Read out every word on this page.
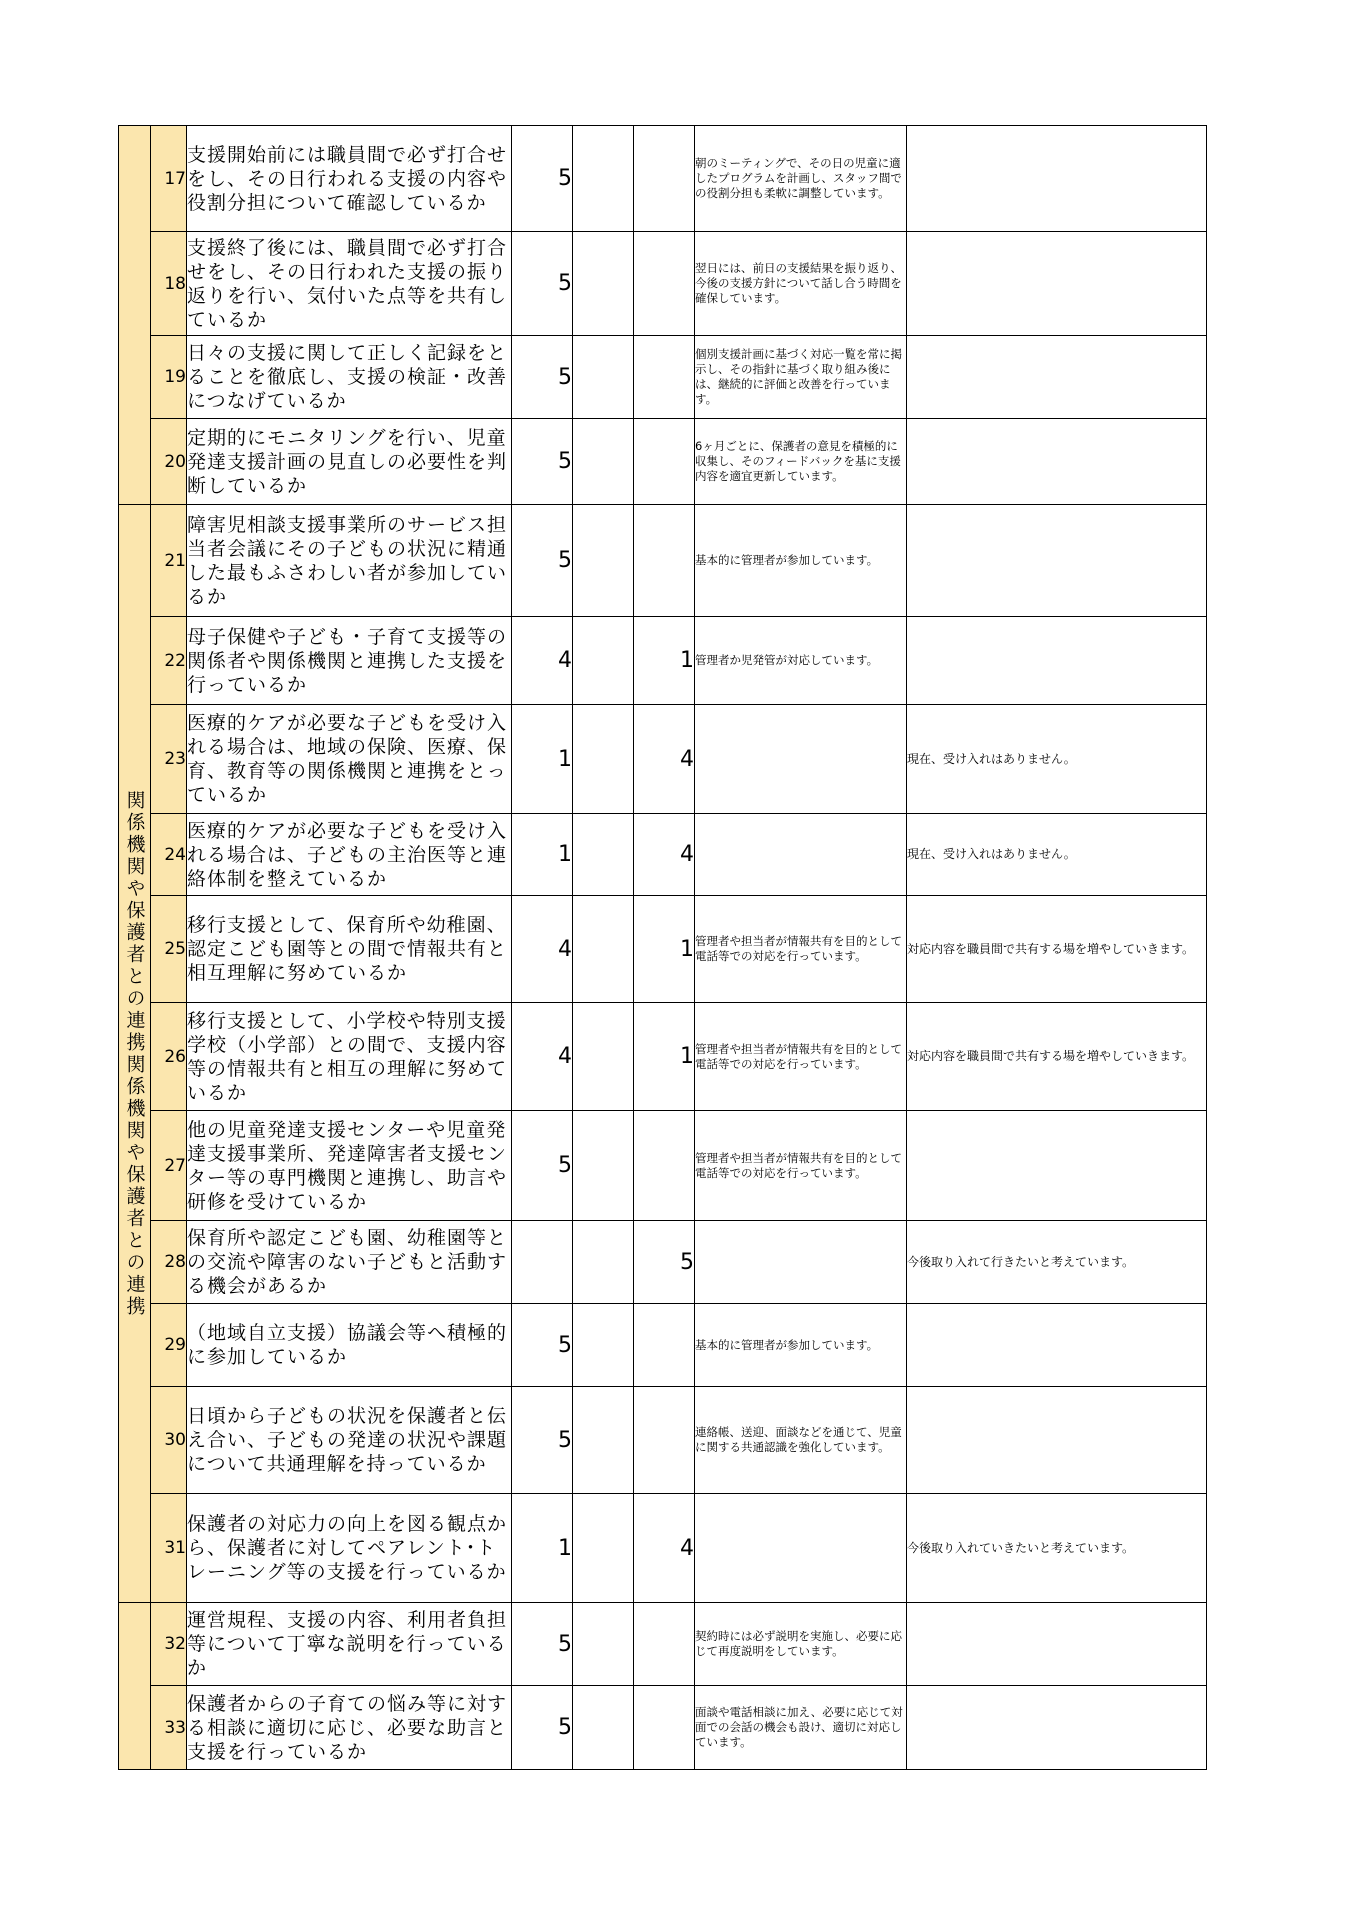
	17	支援開始前には職員間で必ず打合せをし、その日行われる支援の内容や役割分担について確認しているか	5			朝のミーティングで、その日の児童に適したプログラムを計画し、スタッフ間での役割分担も柔軟に調整しています。	
	18	支援終了後には、職員間で必ず打合せをし、その日行われた支援の振り返りを行い、気付いた点等を共有しているか	5			翌日には、前日の支援結果を振り返り、今後の支援方針について話し合う時間を確保しています。	
	19	日々の支援に関して正しく記録をとることを徹底し、支援の検証・改善につなげているか	5			個別支援計画に基づく対応一覧を常に掲示し、その指針に基づく取り組み後には、継続的に評価と改善を行っています。	
	20	定期的にモニタリングを行い、児童発達支援計画の見直しの必要性を判断しているか	5			6ヶ月ごとに、保護者の意見を積極的に収集し、そのフィードバックを基に支援内容を適宜更新しています。	

関係機関や保護者との連携関係機関や保護者との連携	21	障害児相談支援事業所のサービス担当者会議にその子どもの状況に精通した最もふさわしい者が参加しているか	5			基本的に管理者が参加しています。	
	22	母子保健や子ども・子育て支援等の関係者や関係機関と連携した支援を行っているか	4		1	管理者か児発管が対応しています。	
	23	医療的ケアが必要な子どもを受け入れる場合は、地域の保険、医療、保育、教育等の関係機関と連携をとっているか	1		4		現在、受け入れはありません。
	24	医療的ケアが必要な子どもを受け入れる場合は、子どもの主治医等と連絡体制を整えているか	1		4		現在、受け入れはありません。
	25	移行支援として、保育所や幼稚園、認定こども園等との間で情報共有と相互理解に努めているか	4		1	管理者や担当者が情報共有を目的として電話等での対応を行っています。	対応内容を職員間で共有する場を増やしていきます。
	26	移行支援として、小学校や特別支援学校（小学部）との間で、支援内容等の情報共有と相互の理解に努めているか	4		1	管理者や担当者が情報共有を目的として電話等での対応を行っています。	対応内容を職員間で共有する場を増やしていきます。
	27	他の児童発達支援センターや児童発達支援事業所、発達障害者支援センター等の専門機関と連携し、助言や研修を受けているか	5			管理者や担当者が情報共有を目的として電話等での対応を行っています。	
	28	保育所や認定こども園、幼稚園等との交流や障害のない子どもと活動する機会があるか			5		今後取り入れて行きたいと考えています。
	29	（地域自立支援）協議会等へ積極的に参加しているか	5			基本的に管理者が参加しています。	
	30	日頃から子どもの状況を保護者と伝え合い、子どもの発達の状況や課題について共通理解を持っているか	5			連絡帳、送迎、面談などを通じて、児童に関する共通認識を強化しています。	
	31	保護者の対応力の向上を図る観点から、保護者に対してペアレント･トレーニング等の支援を行っているか	1		4		今後取り入れていきたいと考えています。
	32	運営規程、支援の内容、利用者負担等について丁寧な説明を行っているか	5			契約時には必ず説明を実施し、必要に応じて再度説明をしています。	
	33	保護者からの子育ての悩み等に対する相談に適切に応じ、必要な助言と支援を行っているか	5			面談や電話相談に加え、必要に応じて対面での会話の機会も設け、適切に対応しています。	
